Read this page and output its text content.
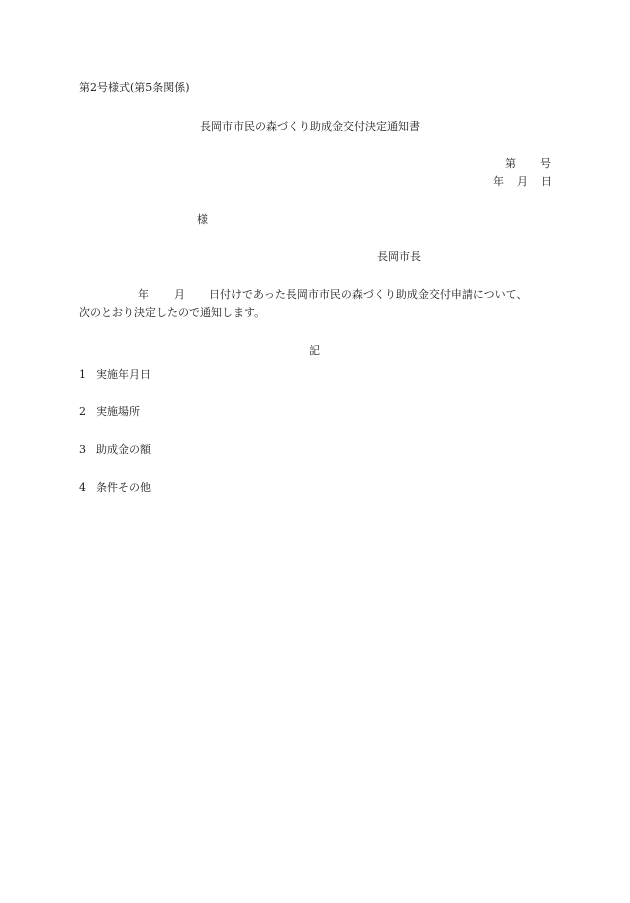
第2号様式(第5条関係)
長岡市市民の森づくり助成金交付決定通知書
第 号
年 月 日
様
長岡市長
年 月 日付けであった長岡市市民の森づくり助成金交付申請について、
次のとおり決定したので通知します。
記
1 実施年月日
2 実施場所
3 助成金の額
4 条件その他
